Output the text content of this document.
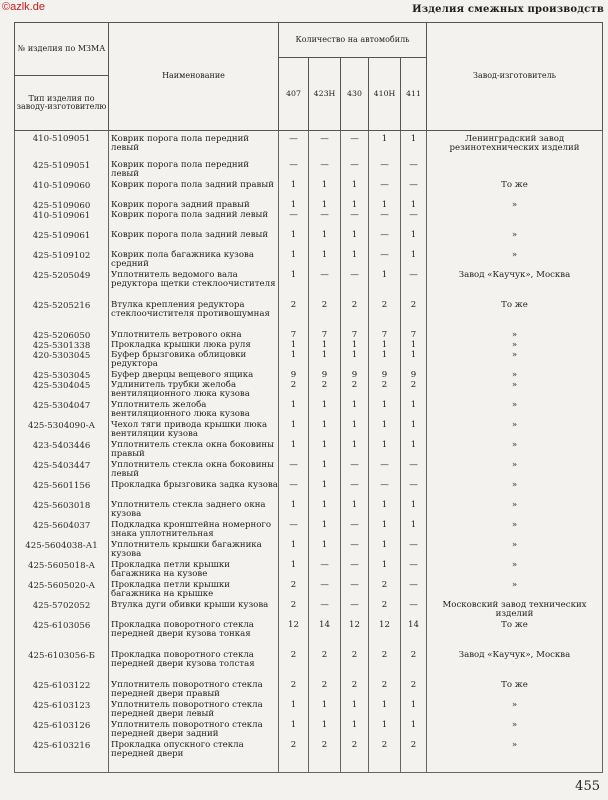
©azlk.de	Изделия смежных производств
№ изделия по МЗМА
Тип изделия по заводу-изготовителю	Наименование	Количество на автомобиль					Завод-изготовитель
		407	423Н	430	410Н	411	
410-5109051	Коврик порога пола передний левый	—	—	—	1	1	Ленинградский завод резинотехнических изделий
425-5109051	Коврик порога пола передний левый	—	—	—	—	—	
410-5109060	Коврик порога пола задний правый	1	1	1	—	—	То же
425-5109060	Коврик порога задний правый	1	1	1	1	1	»
410-5109061	Коврик порога пола задний левый	—	—	—	—	—	
425-5109061	Коврик порога пола задний левый	1	1	1	—	1	»
425-5109102	Коврик пола багажника кузова средний	1	1	1	—	1	»
425-5205049	Уплотнитель ведомого вала редуктора щетки стеклоочистителя	1	—	—	1	—	Завод «Каучук», Москва
425-5205216	Втулка крепления редуктора стеклоочистителя противошумная	2	2	2	2	2	То же
425-5206050	Уплотнитель ветрового окна	7	7	7	7	7	»
425-5301338	Прокладка крышки люка руля	1	1	1	1	1	»
420-5303045	Буфер брызговика облицовки редуктора	1	1	1	1	1	»
425-5303045	Буфер дверцы вещевого ящика	9	9	9	9	9	»
425-5304045	Удлинитель трубки желоба вентиляционного люка кузова	2	2	2	2	2	»
425-5304047	Уплотнитель желоба вентиляционного люка кузова	1	1	1	1	1	»
425-5304090-А	Чехол тяги привода крышки люка вентиляции кузова	1	1	1	1	1	»
423-5403446	Уплотнитель стекла окна боковины правый	1	1	1	1	1	»
425-5403447	Уплотнитель стекла окна боковины левый	—	1	—	—	—	»
425-5601156	Прокладка брызговика задка кузова	—	1	—	—	—	»
425-5603018	Уплотнитель стекла заднего окна кузова	1	1	1	1	1	»
425-5604037	Подкладка кронштейна номерного знака уплотнительная	—	1	—	1	1	»
425-5604038-А1	Уплотнитель крышки багажника кузова	1	1	—	1	—	»
425-5605018-А	Прокладка петли крышки багажника на кузове	1	—	—	1	—	»
425-5605020-А	Прокладка петли крышки багажника на крышке	2	—	—	2	—	»
425-5702052	Втулка дуги обивки крыши кузова	2	—	—	2	—	Московский завод технических изделий
425-6103056	Прокладка поворотного стекла передней двери кузова тонкая	12	14	12	12	14	То же
425-6103056-Б	Прокладка поворотного стекла передней двери кузова толстая	2	2	2	2	2	Завод «Каучук», Москва
425-6103122	Уплотнитель поворотного стекла передней двери правый	2	2	2	2	2	То же
425-6103123	Уплотнитель поворотного стекла передней двери левый	1	1	1	1	1	»
425-6103126	Уплотнитель поворотного стекла передней двери задний	1	1	1	1	1	»
425-6103216	Прокладка опускного стекла передней двери	2	2	2	2	2	»
455
